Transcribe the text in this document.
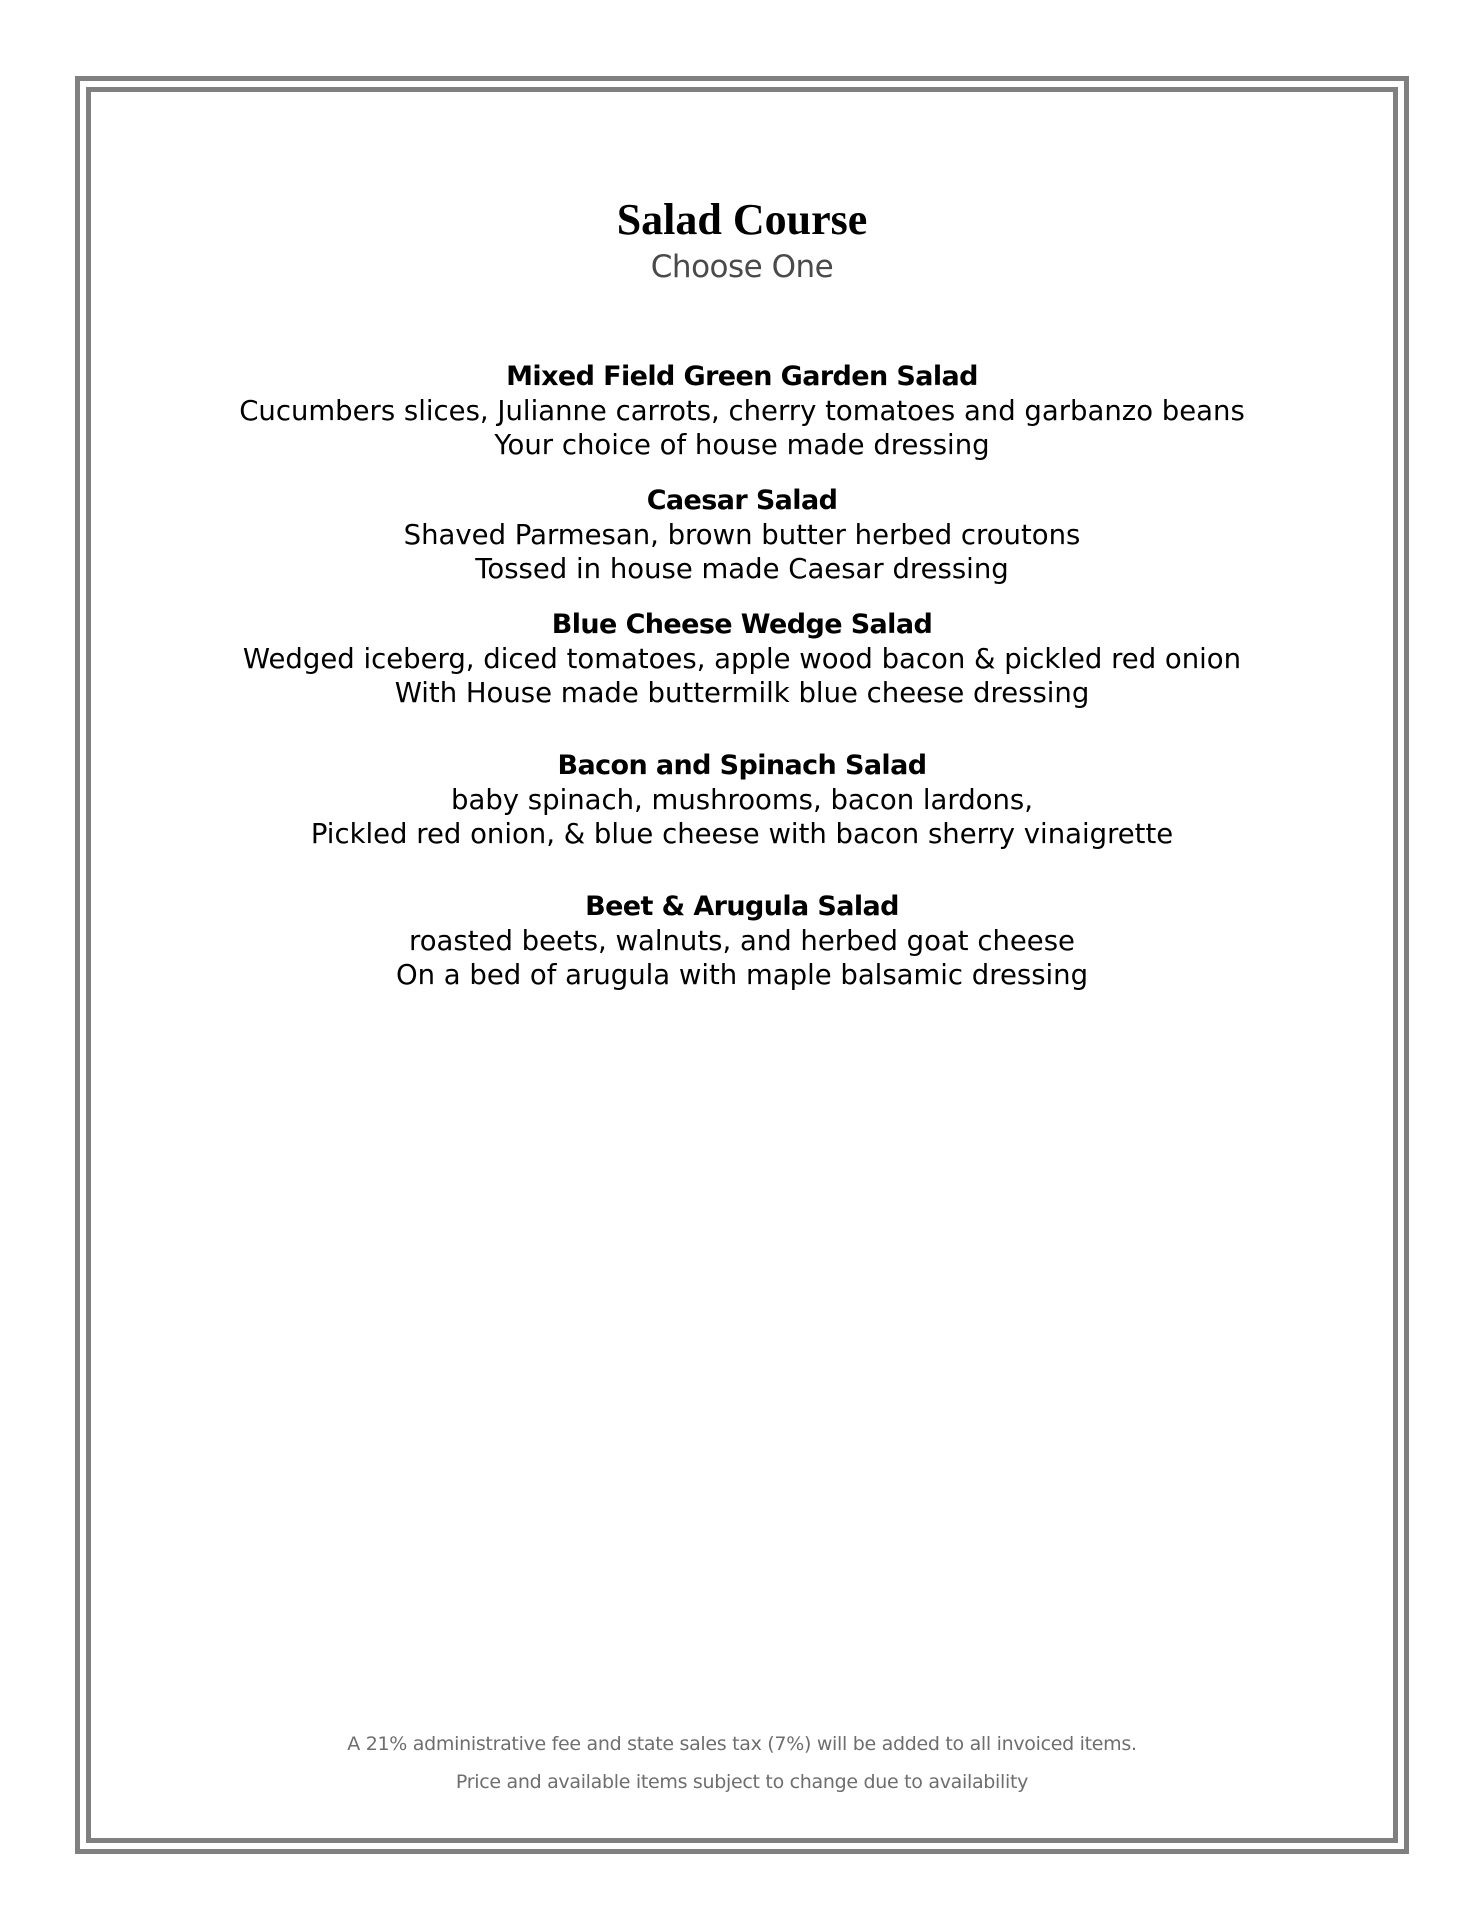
Salad Course
Choose One
Mixed Field Green Garden Salad
Cucumbers slices, Julianne carrots, cherry tomatoes and garbanzo beans
Your choice of house made dressing
Caesar Salad
Shaved Parmesan, brown butter herbed croutons
Tossed in house made Caesar dressing
Blue Cheese Wedge Salad
Wedged iceberg, diced tomatoes, apple wood bacon & pickled red onion
With House made buttermilk blue cheese dressing
Bacon and Spinach Salad
baby spinach, mushrooms, bacon lardons,
Pickled red onion, & blue cheese with bacon sherry vinaigrette
Beet & Arugula Salad
roasted beets, walnuts, and herbed goat cheese
On a bed of arugula with maple balsamic dressing
A 21% administrative fee and state sales tax (7%) will be added to all invoiced items.
Price and available items subject to change due to availability
